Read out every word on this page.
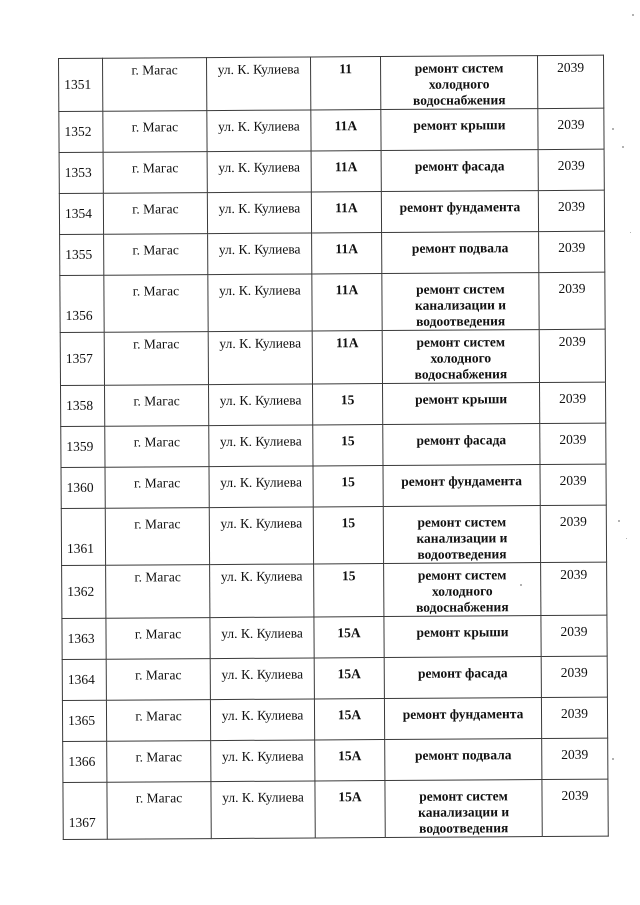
1351	г. Магас	ул. К. Кулиева	11	ремонт систем холодного водоснабжения	2039
1352	г. Магас	ул. К. Кулиева	11А	ремонт крыши	2039
1353	г. Магас	ул. К. Кулиева	11А	ремонт фасада	2039
1354	г. Магас	ул. К. Кулиева	11А	ремонт фундамента	2039
1355	г. Магас	ул. К. Кулиева	11А	ремонт подвала	2039
1356	г. Магас	ул. К. Кулиева	11А	ремонт систем канализации и водоотведения	2039
1357	г. Магас	ул. К. Кулиева	11А	ремонт систем холодного водоснабжения	2039
1358	г. Магас	ул. К. Кулиева	15	ремонт крыши	2039
1359	г. Магас	ул. К. Кулиева	15	ремонт фасада	2039
1360	г. Магас	ул. К. Кулиева	15	ремонт фундамента	2039
1361	г. Магас	ул. К. Кулиева	15	ремонт систем канализации и водоотведения	2039
1362	г. Магас	ул. К. Кулиева	15	ремонт систем холодного водоснабжения	2039
1363	г. Магас	ул. К. Кулиева	15А	ремонт крыши	2039
1364	г. Магас	ул. К. Кулиева	15А	ремонт фасада	2039
1365	г. Магас	ул. К. Кулиева	15А	ремонт фундамента	2039
1366	г. Магас	ул. К. Кулиева	15А	ремонт подвала	2039
1367	г. Магас	ул. К. Кулиева	15А	ремонт систем канализации и водоотведения	2039
